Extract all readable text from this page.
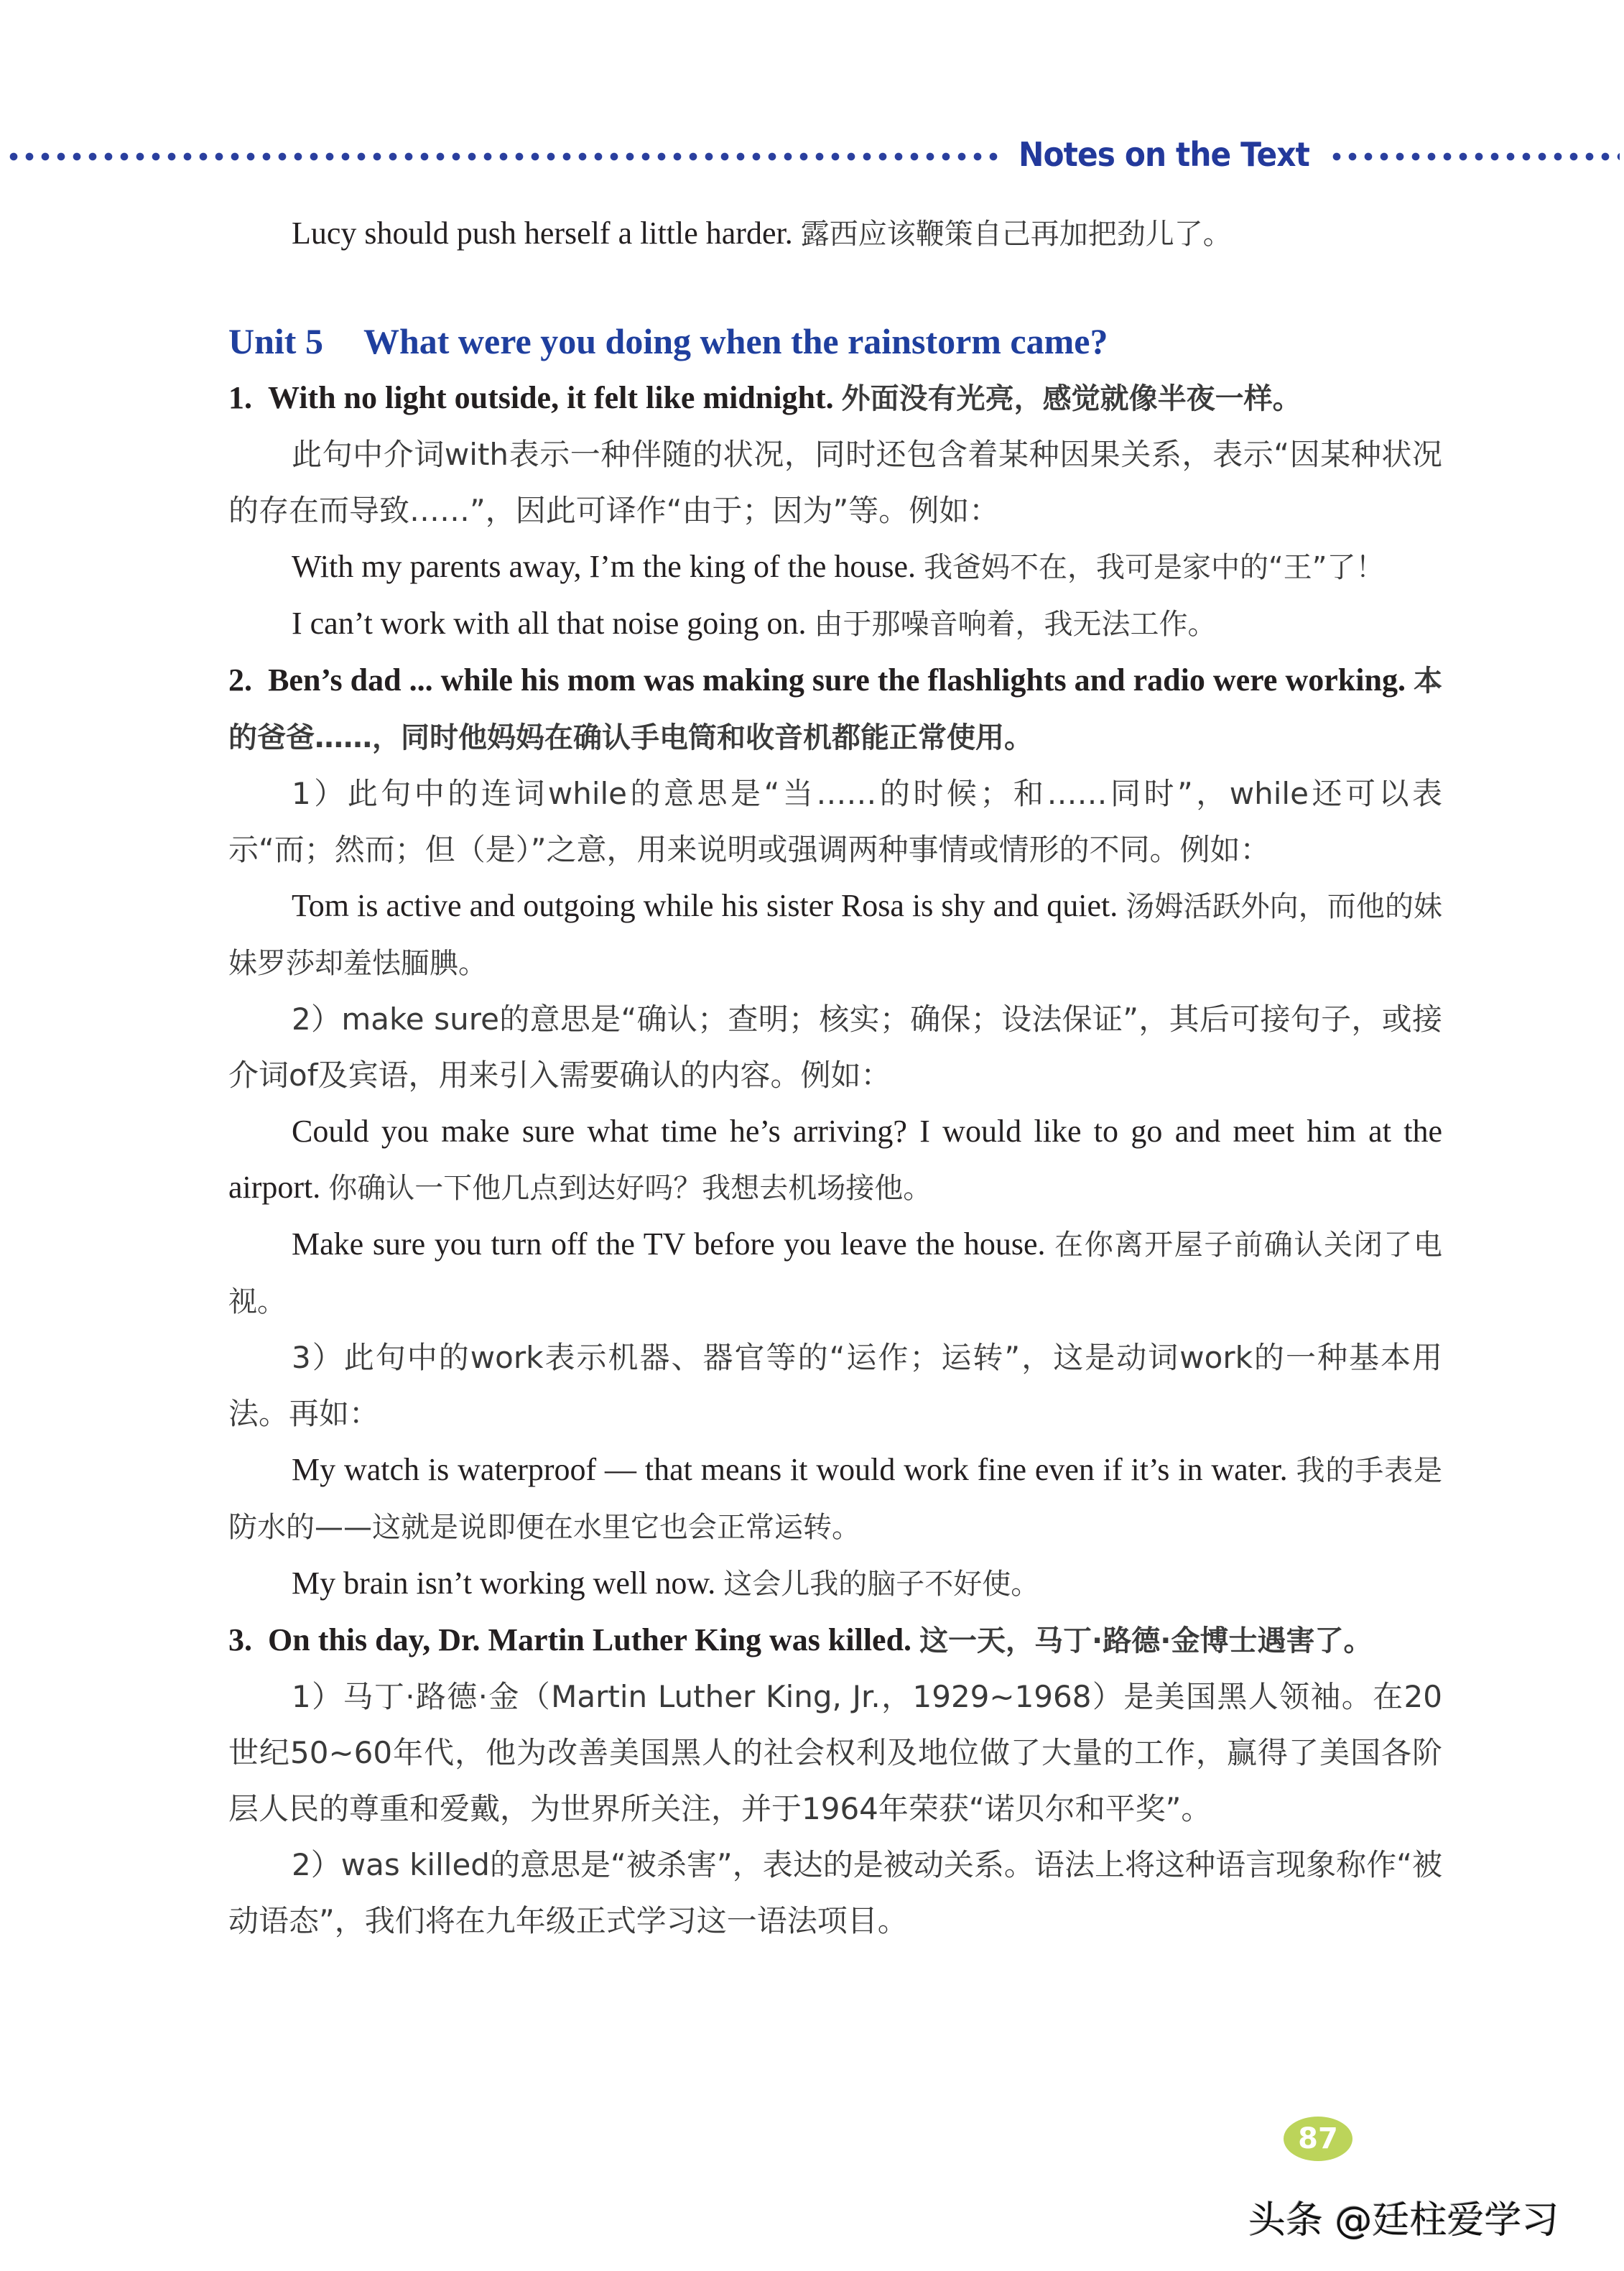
Notes on the Text

Lucy should push herself a little harder. 露西应该鞭策自己再加把劲儿了。

Unit 5 What were you doing when the rainstorm came?

1. With no light outside, it felt like midnight. 外面没有光亮，感觉就像半夜一样。

此句中介词with表示一种伴随的状况，同时还包含着某种因果关系，表示“因某种状况的存在而导致……”，因此可译作“由于；因为”等。例如：

With my parents away, I’m the king of the house. 我爸妈不在，我可是家中的“王”了！

I can’t work with all that noise going on. 由于那噪音响着，我无法工作。

2. Ben’s dad ... while his mom was making sure the flashlights and radio were working. 本的爸爸……，同时他妈妈在确认手电筒和收音机都能正常使用。

1）此句中的连词while的意思是“当……的时候；和……同时”，while还可以表示“而；然而；但（是）”之意，用来说明或强调两种事情或情形的不同。例如：

Tom is active and outgoing while his sister Rosa is shy and quiet. 汤姆活跃外向，而他的妹妹罗莎却羞怯腼腆。

2）make sure的意思是“确认；查明；核实；确保；设法保证”，其后可接句子，或接介词of及宾语，用来引入需要确认的内容。例如：

Could you make sure what time he’s arriving? I would like to go and meet him at the airport. 你确认一下他几点到达好吗？我想去机场接他。

Make sure you turn off the TV before you leave the house. 在你离开屋子前确认关闭了电视。

3）此句中的work表示机器、器官等的“运作；运转”，这是动词work的一种基本用法。再如：

My watch is waterproof — that means it would work fine even if it’s in water. 我的手表是防水的——这就是说即便在水里它也会正常运转。

My brain isn’t working well now. 这会儿我的脑子不好使。

3. On this day, Dr. Martin Luther King was killed. 这一天，马丁·路德·金博士遇害了。

1）马丁·路德·金（Martin Luther King, Jr.，1929~1968）是美国黑人领袖。在20世纪50~60年代，他为改善美国黑人的社会权利及地位做了大量的工作，赢得了美国各阶层人民的尊重和爱戴，为世界所关注，并于1964年荣获“诺贝尔和平奖”。

2）was killed的意思是“被杀害”，表达的是被动关系。语法上将这种语言现象称作“被动语态”，我们将在九年级正式学习这一语法项目。

87
头条 @廷柱爱学习
